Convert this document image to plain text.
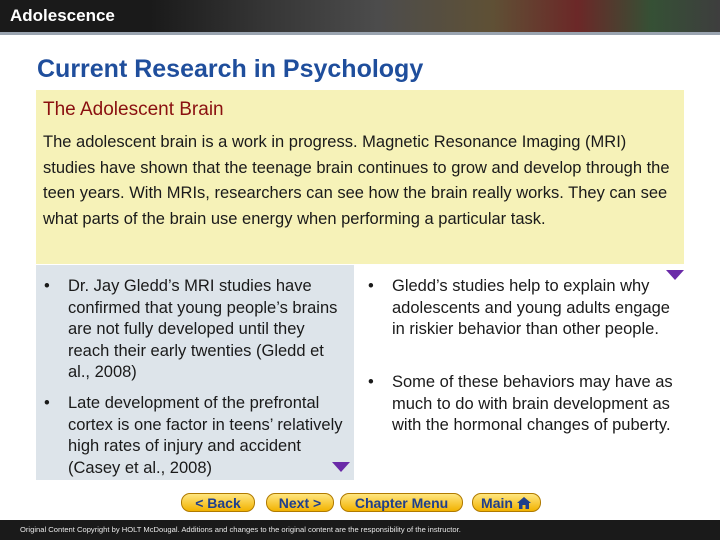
Adolescence
Current Research in Psychology
The Adolescent Brain
The adolescent brain is a work in progress. Magnetic Resonance Imaging (MRI) studies have shown that the teenage brain continues to grow and develop through the teen years. With MRIs, researchers can see how the brain really works. They can see what parts of the brain use energy when performing a particular task.
•	Dr. Jay Gledd’s MRI studies have confirmed that young people’s brains are not fully developed until they reach their early twenties (Gledd et al., 2008)
•	Late development of the prefrontal cortex is one factor in teens’ relatively high rates of injury and accident (Casey et al., 2008)
•	Gledd’s studies help to explain why adolescents and young adults engage in riskier behavior than other people.
•	Some of these behaviors may have as much to do with brain development as with the hormonal changes of puberty.
< Back	Next >	Chapter Menu	Main
Original Content Copyright by HOLT McDougal. Additions and changes to the original content are the responsibility of the instructor.
